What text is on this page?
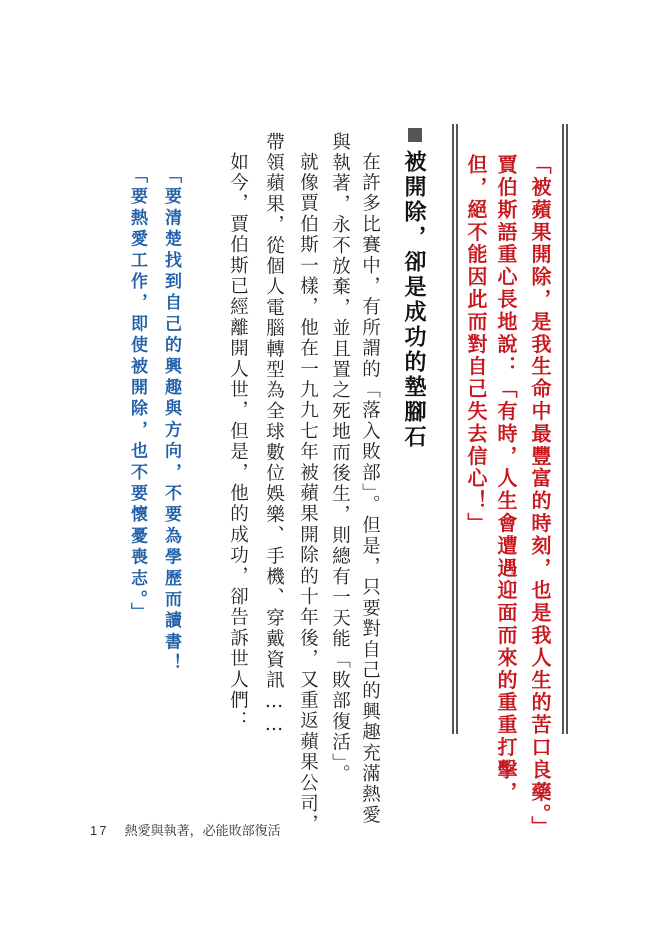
「被蘋果開除，是我生命中最豐富的時刻，也是我人生的苦口良藥。」
賈伯斯語重心長地說：「有時，人生會遭遇迎面而來的重重打擊，
但，絕不能因此而對自己失去信心！」
被開除，卻是成功的墊腳石
在許多比賽中，有所謂的「落入敗部」。但是，只要對自己的興趣充滿熱愛
與執著，永不放棄，並且置之死地而後生，則總有一天能「敗部復活」。
就像賈伯斯一樣，他在一九九七年被蘋果開除的十年後，又重返蘋果公司，
帶領蘋果，從個人電腦轉型為全球數位娛樂、手機、穿戴資訊……
如今，賈伯斯已經離開人世，但是，他的成功，卻告訴世人們：
「要清楚找到自己的興趣與方向，不要為學歷而讀書！
「要熱愛工作，即使被開除，也不要懷憂喪志。」
17 熱愛與執著，必能敗部復活
